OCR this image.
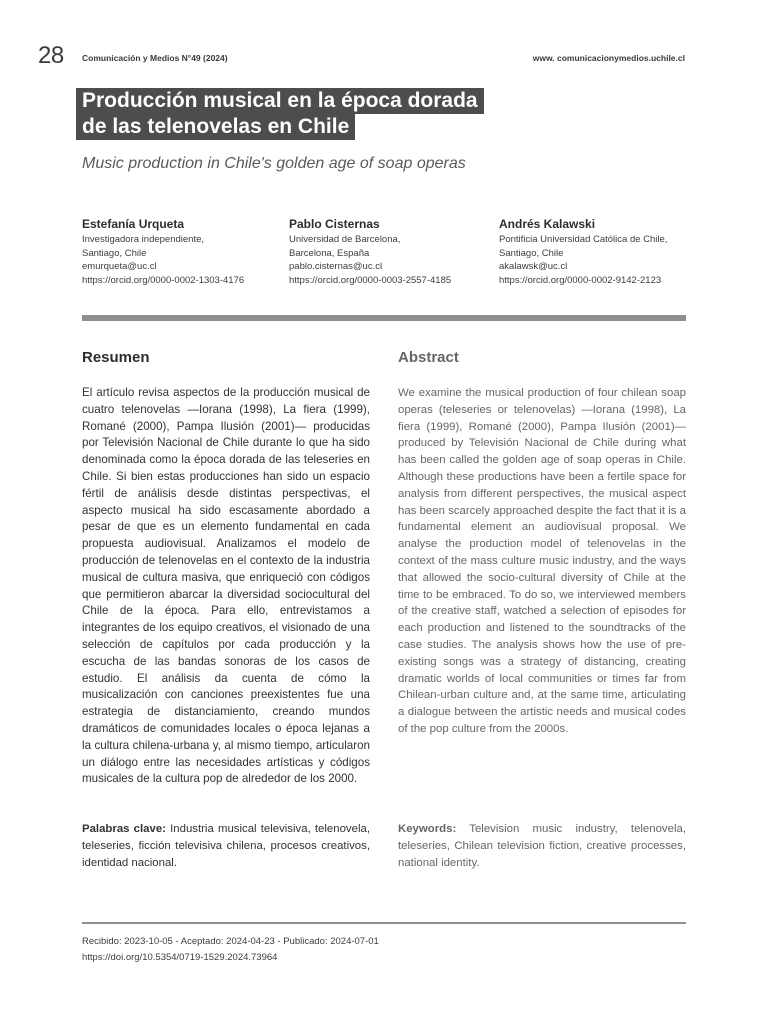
28 Comunicación y Medios N°49 (2024)	www. comunicacionymedios.uchile.cl
Producción musical en la época dorada
de las telenovelas en Chile
Music production in Chile's golden age of soap operas
Estefanía Urqueta
Investigadora independiente,
Santiago, Chile
emurqueta@uc.cl
https://orcid.org/0000-0002-1303-4176
Pablo Cisternas
Universidad de Barcelona,
Barcelona, España
pablo.cisternas@uc.cl
https://orcid.org/0000-0003-2557-4185
Andrés Kalawski
Pontificia Universidad Católica de Chile,
Santiago, Chile
akalawsk@uc.cl
https://orcid.org/0000-0002-9142-2123
Resumen	Abstract
El artículo revisa aspectos de la producción musical de cuatro telenovelas —Iorana (1998), La fiera (1999), Romané (2000), Pampa Ilusión (2001)— producidas por Televisión Nacional de Chile durante lo que ha sido denominada como la época dorada de las teleseries en Chile. Si bien estas producciones han sido un espacio fértil de análisis desde distintas perspectivas, el aspecto musical ha sido escasamente abordado a pesar de que es un elemento fundamental en cada propuesta audiovisual. Analizamos el modelo de producción de telenovelas en el contexto de la industria musical de cultura masiva, que enriqueció con códigos que permitieron abarcar la diversidad sociocultural del Chile de la época. Para ello, entrevistamos a integrantes de los equipo creativos, el visionado de una selección de capítulos por cada producción y la escucha de las bandas sonoras de los casos de estudio. El análisis da cuenta de cómo la musicalización con canciones preexistentes fue una estrategia de distanciamiento, creando mundos dramáticos de comunidades locales o época lejanas a la cultura chilena-urbana y, al mismo tiempo, articularon un diálogo entre las necesidades artísticas y códigos musicales de la cultura pop de alrededor de los 2000.
We examine the musical production of four chilean soap operas (teleseries or telenovelas) —Iorana (1998), La fiera (1999), Romané (2000), Pampa Ilusión (2001)— produced by Televisión Nacional de Chile during what has been called the golden age of soap operas in Chile. Although these productions have been a fertile space for analysis from different perspectives, the musical aspect has been scarcely approached despite the fact that it is a fundamental element an audiovisual proposal. We analyse the production model of telenovelas in the context of the mass culture music industry, and the ways that allowed the socio-cultural diversity of Chile at the time to be embraced. To do so, we interviewed members of the creative staff, watched a selection of episodes for each production and listened to the soundtracks of the case studies. The analysis shows how the use of pre-existing songs was a strategy of distancing, creating dramatic worlds of local communities or times far from Chilean-urban culture and, at the same time, articulating a dialogue between the artistic needs and musical codes of the pop culture from the 2000s.
Palabras clave: Industria musical televisiva, telenovela, teleseries, ficción televisiva chilena, procesos creativos, identidad nacional.
Keywords: Television music industry, telenovela, teleseries, Chilean television fiction, creative processes, national identity.
Recibido: 2023-10-05 - Aceptado: 2024-04-23 - Publicado: 2024-07-01
https://doi.org/10.5354/0719-1529.2024.73964
